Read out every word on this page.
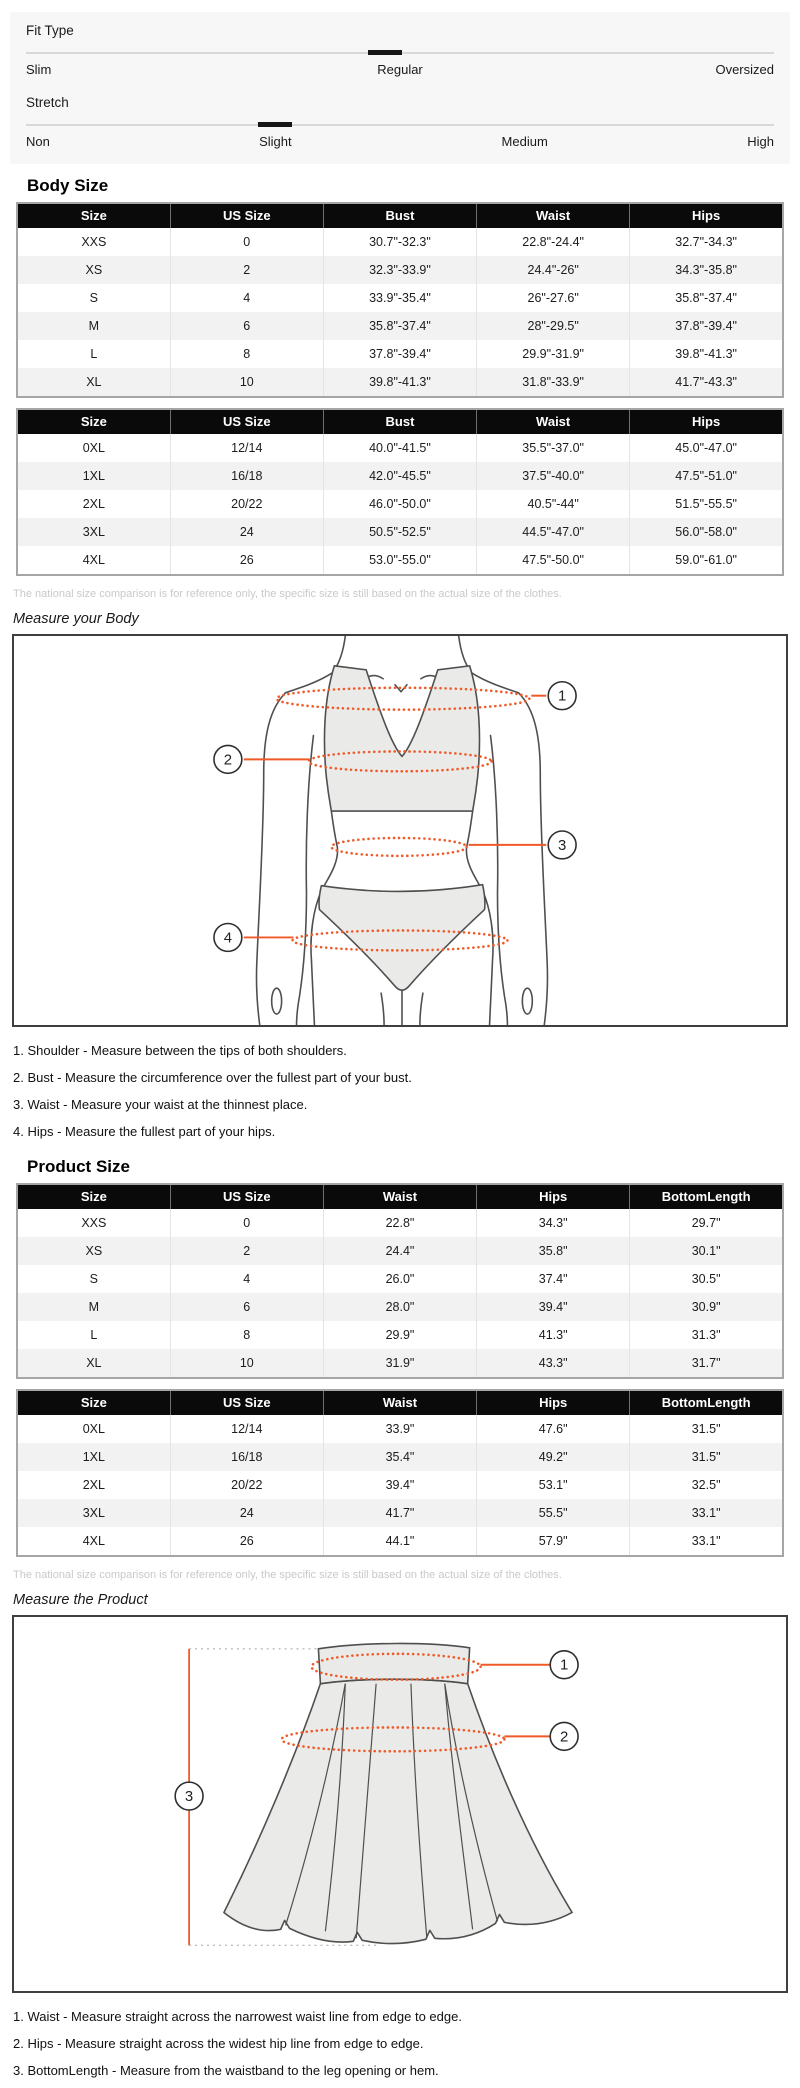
Fit Type
Slim	Regular	Oversized
Stretch
Non	Slight	Medium	High
Body Size
Size	US Size	Bust	Waist	Hips
XXS	0	30.7"-32.3"	22.8"-24.4"	32.7"-34.3"
XS	2	32.3"-33.9"	24.4"-26"	34.3"-35.8"
S	4	33.9"-35.4"	26"-27.6"	35.8"-37.4"
M	6	35.8"-37.4"	28"-29.5"	37.8"-39.4"
L	8	37.8"-39.4"	29.9"-31.9"	39.8"-41.3"
XL	10	39.8"-41.3"	31.8"-33.9"	41.7"-43.3"
Size	US Size	Bust	Waist	Hips
0XL	12/14	40.0"-41.5"	35.5"-37.0"	45.0"-47.0"
1XL	16/18	42.0"-45.5"	37.5"-40.0"	47.5"-51.0"
2XL	20/22	46.0"-50.0"	40.5"-44"	51.5"-55.5"
3XL	24	50.5"-52.5"	44.5"-47.0"	56.0"-58.0"
4XL	26	53.0"-55.0"	47.5"-50.0"	59.0"-61.0"

The national size comparison is for reference only, the specific size is still based on the actual size of the clothes.

Measure your Body
1
2
3
4
1. Shoulder - Measure between the tips of both shoulders.
2. Bust - Measure the circumference over the fullest part of your bust.
3. Waist - Measure your waist at the thinnest place.
4. Hips - Measure the fullest part of your hips.
Product Size
Size	US Size	Waist	Hips	BottomLength
XXS	0	22.8"	34.3"	29.7"
XS	2	24.4"	35.8"	30.1"
S	4	26.0"	37.4"	30.5"
M	6	28.0"	39.4"	30.9"
L	8	29.9"	41.3"	31.3"
XL	10	31.9"	43.3"	31.7"
Size	US Size	Waist	Hips	BottomLength
0XL	12/14	33.9"	47.6"	31.5"
1XL	16/18	35.4"	49.2"	31.5"
2XL	20/22	39.4"	53.1"	32.5"
3XL	24	41.7"	55.5"	33.1"
4XL	26	44.1"	57.9"	33.1"

The national size comparison is for reference only, the specific size is still based on the actual size of the clothes.

Measure the Product
1
2
3
1. Waist - Measure straight across the narrowest waist line from edge to edge.
2. Hips - Measure straight across the widest hip line from edge to edge.
3. BottomLength - Measure from the waistband to the leg opening or hem.
